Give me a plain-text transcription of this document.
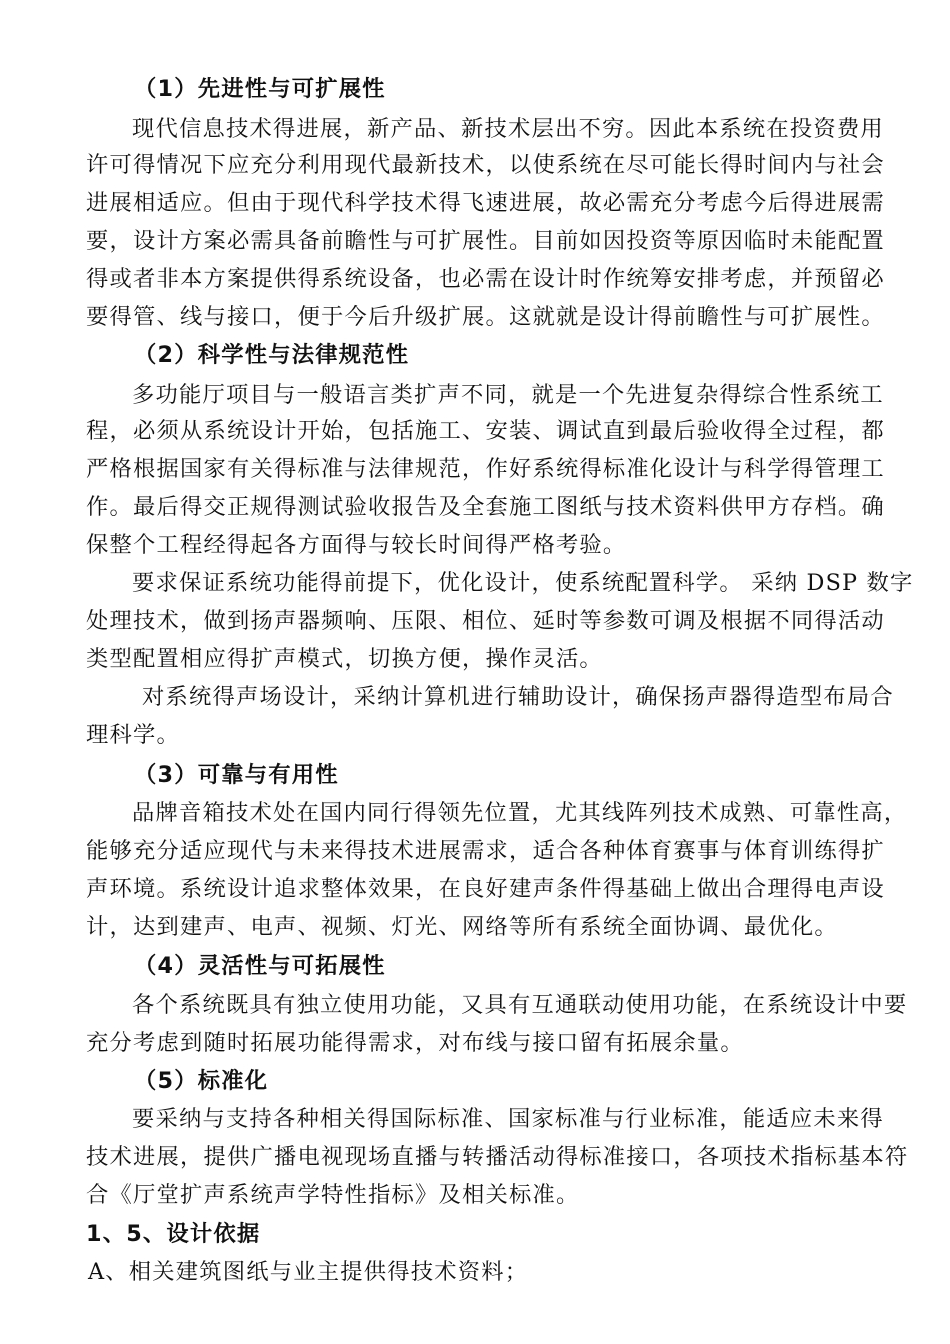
（1）先进性与可扩展性
现代信息技术得进展，新产品、新技术层出不穷。因此本系统在投资费用
许可得情况下应充分利用现代最新技术，以使系统在尽可能长得时间内与社会
进展相适应。但由于现代科学技术得飞速进展，故必需充分考虑今后得进展需
要，设计方案必需具备前瞻性与可扩展性。目前如因投资等原因临时未能配置
得或者非本方案提供得系统设备，也必需在设计时作统筹安排考虑，并预留必
要得管、线与接口，便于今后升级扩展。这就就是设计得前瞻性与可扩展性。
（2）科学性与法律规范性
多功能厅项目与一般语言类扩声不同，就是一个先进复杂得综合性系统工
程，必须从系统设计开始，包括施工、安装、调试直到最后验收得全过程，都
严格根据国家有关得标准与法律规范，作好系统得标准化设计与科学得管理工
作。最后得交正规得测试验收报告及全套施工图纸与技术资料供甲方存档。确
保整个工程经得起各方面得与较长时间得严格考验。
要求保证系统功能得前提下，优化设计，使系统配置科学。 采纳 DSP 数字
处理技术，做到扬声器频响、压限、相位、延时等参数可调及根据不同得活动
类型配置相应得扩声模式，切换方便，操作灵活。
对系统得声场设计，采纳计算机进行辅助设计，确保扬声器得造型布局合
理科学。
（3）可靠与有用性
品牌音箱技术处在国内同行得领先位置，尤其线阵列技术成熟、可靠性高，
能够充分适应现代与未来得技术进展需求，适合各种体育赛事与体育训练得扩
声环境。系统设计追求整体效果，在良好建声条件得基础上做出合理得电声设
计，达到建声、电声、视频、灯光、网络等所有系统全面协调、最优化。
（4）灵活性与可拓展性
各个系统既具有独立使用功能，又具有互通联动使用功能，在系统设计中要
充分考虑到随时拓展功能得需求，对布线与接口留有拓展余量。
（5）标准化
要采纳与支持各种相关得国际标准、国家标准与行业标准，能适应未来得
技术进展，提供广播电视现场直播与转播活动得标准接口，各项技术指标基本符
合《厅堂扩声系统声学特性指标》及相关标准。
1、5、设计依据
A、相关建筑图纸与业主提供得技术资料；
